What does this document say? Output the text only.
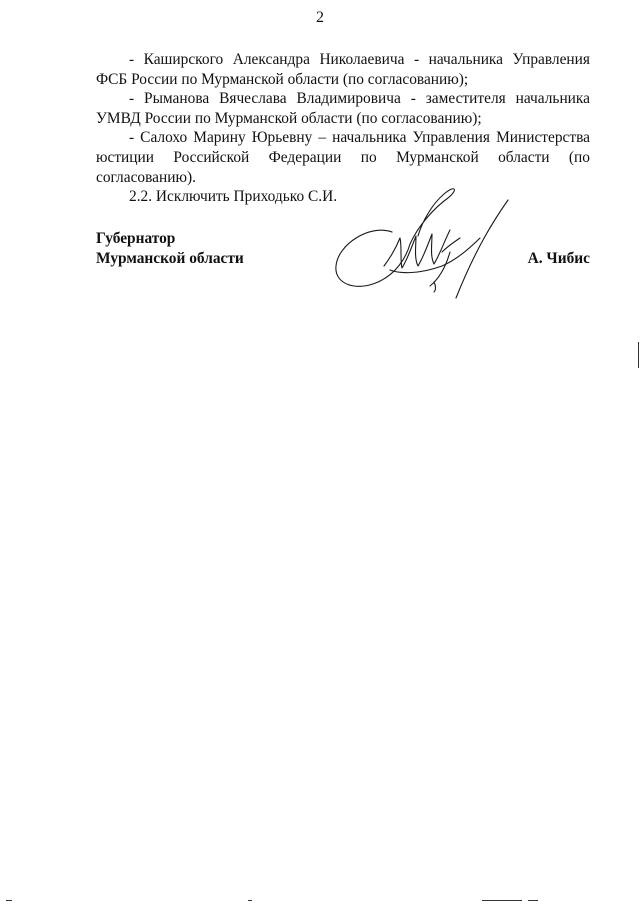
2

- Каширского Александра Николаевича - начальника Управления ФСБ России по Мурманской области (по согласованию);

- Рыманова Вячеслава Владимировича - заместителя начальника УМВД России по Мурманской области (по согласованию);

- Салохо Марину Юрьевну – начальника Управления Министерства юстиции Российской Федерации по Мурманской области (по согласованию).

2.2. Исключить Приходько С.И.

Губернатор
Мурманской области	А. Чибис
